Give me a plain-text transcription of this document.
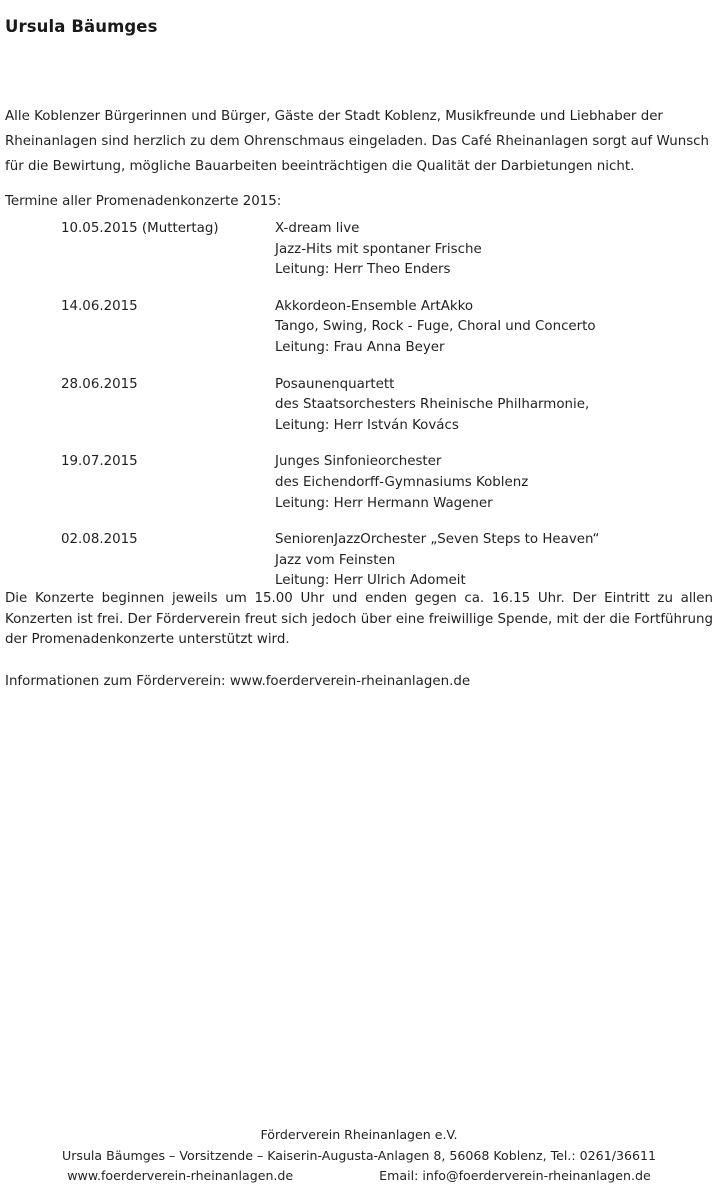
Ursula Bäumges

Alle Koblenzer Bürgerinnen und Bürger, Gäste der Stadt Koblenz, Musikfreunde und Liebhaber der Rheinanlagen sind herzlich zu dem Ohrenschmaus eingeladen. Das Café Rheinanlagen sorgt auf Wunsch für die Bewirtung, mögliche Bauarbeiten beeinträchtigen die Qualität der Darbietungen nicht.

Termine aller Promenadenkonzerte 2015:

10.05.2015 (Muttertag)	X-dream live
Jazz-Hits mit spontaner Frische
Leitung: Herr Theo Enders

14.06.2015	Akkordeon-Ensemble ArtAkko
Tango, Swing, Rock - Fuge, Choral und Concerto
Leitung: Frau Anna Beyer

28.06.2015	Posaunenquartett
des Staatsorchesters Rheinische Philharmonie,
Leitung: Herr István Kovács

19.07.2015	Junges Sinfonieorchester
des Eichendorff-Gymnasiums Koblenz
Leitung: Herr Hermann Wagener

02.08.2015	SeniorenJazzOrchester „Seven Steps to Heaven“
Jazz vom Feinsten
Leitung: Herr Ulrich Adomeit

Die Konzerte beginnen jeweils um 15.00 Uhr und enden gegen ca. 16.15 Uhr. Der Eintritt zu allen Konzerten ist frei. Der Förderverein freut sich jedoch über eine freiwillige Spende, mit der die Fortführung der Promenadenkonzerte unterstützt wird.

Informationen zum Förderverein: www.foerderverein-rheinanlagen.de

Förderverein Rheinanlagen e.V.
Ursula Bäumges – Vorsitzende – Kaiserin-Augusta-Anlagen 8, 56068 Koblenz, Tel.: 0261/36611
www.foerderverein-rheinanlagen.de	Email: info@foerderverein-rheinanlagen.de
